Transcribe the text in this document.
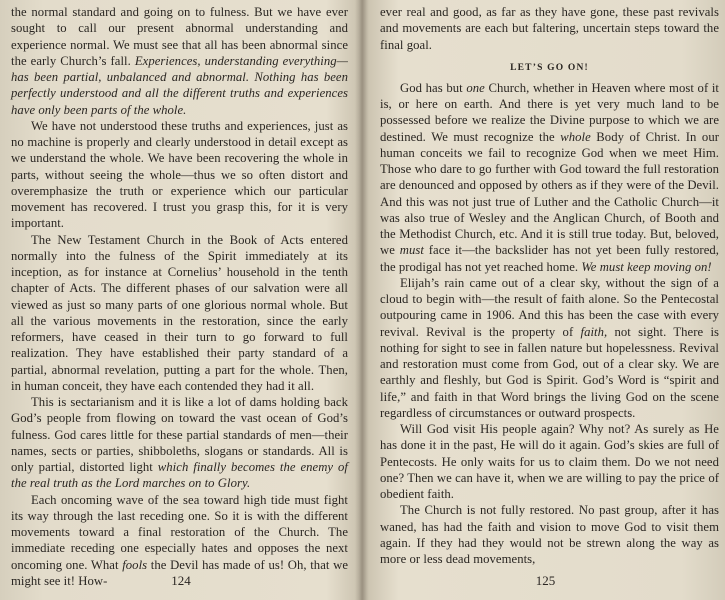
the normal standard and going on to fulness. But we have ever sought to call our present abnormal understanding and experience normal. We must see that all has been abnormal since the early Church’s fall. Experiences, understanding everything—has been partial, unbalanced and abnormal. Nothing has been perfectly understood and all the different truths and experiences have only been parts of the whole.

We have not understood these truths and experiences, just as no machine is properly and clearly understood in detail except as we understand the whole. We have been recovering the whole in parts, without seeing the whole—thus we so often distort and overemphasize the truth or experience which our particular movement has recovered. I trust you grasp this, for it is very important.

The New Testament Church in the Book of Acts entered normally into the fulness of the Spirit immediately at its inception, as for instance at Cornelius’ household in the tenth chapter of Acts. The different phases of our salvation were all viewed as just so many parts of one glorious normal whole. But all the various movements in the restoration, since the early reformers, have ceased in their turn to go forward to full realization. They have established their party standard of a partial, abnormal revelation, putting a part for the whole. Then, in human conceit, they have each contended they had it all.

This is sectarianism and it is like a lot of dams holding back God’s people from flowing on toward the vast ocean of God’s fulness. God cares little for these partial standards of men—their names, sects or parties, shibboleths, slogans or standards. All is only partial, distorted light which finally becomes the enemy of the real truth as the Lord marches on to Glory.

Each oncoming wave of the sea toward high tide must fight its way through the last receding one. So it is with the different movements toward a final restoration of the Church. The immediate receding one especially hates and opposes the next oncoming one. What fools the Devil has made of us! Oh, that we might see it! How-	124

ever real and good, as far as they have gone, these past revivals and movements are each but faltering, uncertain steps toward the final goal.

LET’S GO ON!

God has but one Church, whether in Heaven where most of it is, or here on earth. And there is yet very much land to be possessed before we realize the Divine purpose to which we are destined. We must recognize the whole Body of Christ. In our human conceits we fail to recognize God when we meet Him. Those who dare to go further with God toward the full restoration are denounced and opposed by others as if they were of the Devil. And this was not just true of Luther and the Catholic Church—it was also true of Wesley and the Anglican Church, of Booth and the Methodist Church, etc. And it is still true today. But, beloved, we must face it—the backslider has not yet been fully restored, the prodigal has not yet reached home. We must keep moving on!

Elijah’s rain came out of a clear sky, without the sign of a cloud to begin with—the result of faith alone. So the Pentecostal outpouring came in 1906. And this has been the case with every revival. Revival is the property of faith, not sight. There is nothing for sight to see in fallen nature but hopelessness. Revival and restoration must come from God, out of a clear sky. We are earthly and fleshly, but God is Spirit. God’s Word is “spirit and life,” and faith in that Word brings the living God on the scene regardless of circumstances or outward prospects.

Will God visit His people again? Why not? As surely as He has done it in the past, He will do it again. God’s skies are full of Pentecosts. He only waits for us to claim them. Do we not need one? Then we can have it, when we are willing to pay the price of obedient faith.

The Church is not fully restored. No past group, after it has waned, has had the faith and vision to move God to visit them again. If they had they would not be strewn along the way as more or less dead movements,

125
